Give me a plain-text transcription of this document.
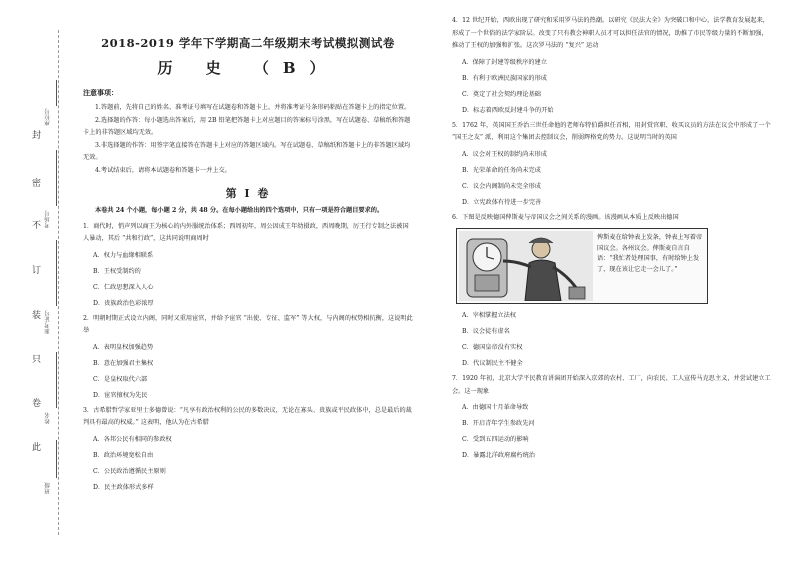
封
密
不
订
装
只
卷
此
座位号
考场号
准考证号
姓名
班级
2018-2019 学年下学期高二年级期末考试模拟测试卷
历 史 （B）
注意事项：

1.答题前，先将自己的姓名、准考证号填写在试题卷和答题卡上，并将准考证号条形码粘贴在答题卡上的指定位置。

2.选择题的作答：每小题选出答案后，用 2B 铅笔把答题卡上对应题目的答案标号涂黑，写在试题卷、草稿纸和答题卡上的非答题区域均无效。

3.非选择题的作答：用签字笔直接答在答题卡上对应的答题区域内。写在试题卷、草稿纸和答题卡上的非答题区域均无效。

4.考试结束后，请将本试题卷和答题卡一并上交。

第 Ⅰ 卷

本卷共 24 个小题，每小题 2 分，共 48 分。在每小题给出的四个选项中，只有一项是符合题目要求的。

1．商代时，悄声列以商王为核心的内外服统治体系；西周初年，周公因成王年幼摄政，西周晚期，厉王行专制之法被国人暴动，其后 “共和行政”，这共同说明商周时

A．权力与血缘相联系
B．王权受制约的
C．仁政思想深入人心
D．贵族政治色彩浓厚

2．明朝时期正式设立内阁，同时又重用宦官，并给予宦官 “出使、专征、监军” 等大权，与内阁的权势相抗衡，这说明此举

A．表明皇权加强趋势
B．意在加强君主集权
C．是皇权取代六部
D．宦官擅权为先民

3．古希腊哲学家亚里士多德曾说：“凡享有政治权利的公民的多数决议，无论在寡头、贵族或平民政体中，总是最后的裁判具有最高的权威。” 这表明，他认为在古希腊

A．各邦公民有相同的参政权
B．政治环境宽松自由
C．公民政治遵循民主原则
D．民主政体形式多样

4．12 世纪开始，西欧出现了研究和采用罗马法的热潮。以研究《民法大全》为突破口和中心，法学教育发展起来，形成了一个世俗的法学家阶层。改变了只有教会神职人员才可以担任法官的情况，助推了市民等级力量的不断加强，推动了王权的加强和扩张。这次罗马法的 “复兴” 运动

A．保障了封建等级秩序的建立
B．有利于欧洲民族国家的形成
C．奠定了社会契约理论基础
D．标志着西欧反封建斗争的开始

5．1762 年，英国国王乔治三世任命他的老师布特伯爵担任首相，用封赏官职、收买议员的方法在议会中形成了一个 “国王之友” 派，利用这个集团去控制议会，削弱辉格党的势力。这说明当时的英国

A．议会对王权的制约尚未形成
B．光荣革命的任务尚未完成
C．议会内阁制尚未完全形成
D．立宪政体有待进一步完善

6．下图是反映德国俾斯麦与帝国议会之间关系的漫画。该漫画从本质上反映出德国

俾斯麦在给钟表上发条，钟表上写着帝国议会。各州议会。俾斯麦自言自语：“我忙者处理国事，有时给钟上发了，现在该让它走一会儿了。”
A．宰相掌握立法权
B．议会徒有虚名
C．德国皇帝没有实权
D．代议制民主不健全

7．1920 年初，北京大学平民教育讲演团开始深入京郊的农村、工厂，向农民、工人宣传马克思主义，并尝试建立工会。这一现象

A．由德国十月革命导致
B．开启青年学生参政先河
C．受到五四运动的影响
D．暴露北洋政府腐朽统治
